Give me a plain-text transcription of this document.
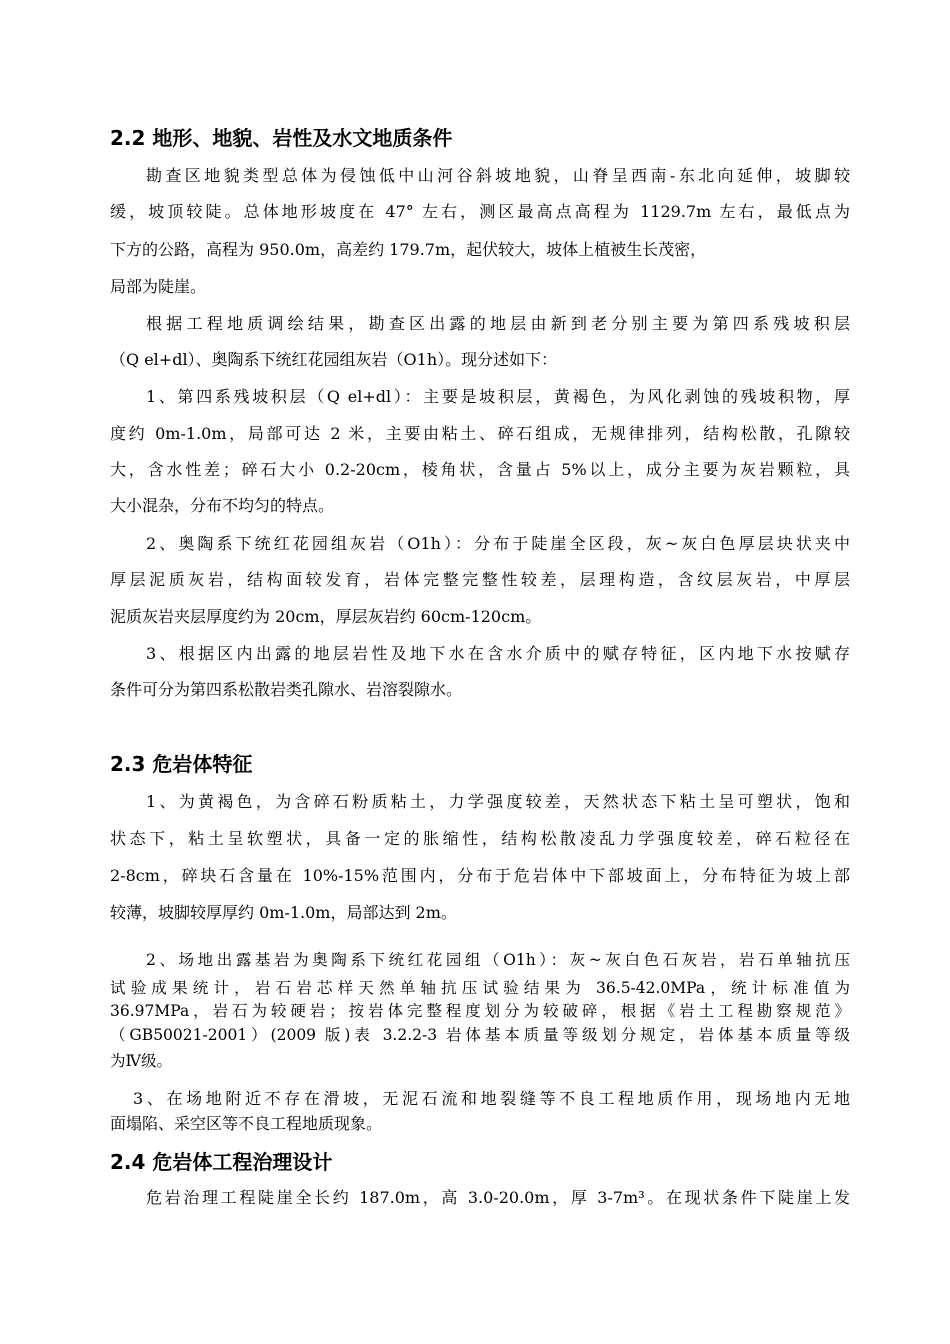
2.2 地形、地貌、岩性及水文地质条件
勘查区地貌类型总体为侵蚀低中山河谷斜坡地貌，山脊呈西南-东北向延伸，坡脚较
缓，坡顶较陡。总体地形坡度在 47° 左右，测区最高点高程为 1129.7m 左右，最低点为
下方的公路，高程为 950.0m，高差约 179.7m，起伏较大，坡体上植被生长茂密，
局部为陡崖。
根据工程地质调绘结果，勘查区出露的地层由新到老分别主要为第四系残坡积层
（Q el+dl）、奥陶系下统红花园组灰岩（O1h）。现分述如下：
1、第四系残坡积层（Q el+dl）：主要是坡积层，黄褐色，为风化剥蚀的残坡积物，厚
度约 0m-1.0m，局部可达 2 米，主要由粘土、碎石组成，无规律排列，结构松散，孔隙较
大，含水性差；碎石大小 0.2-20cm，棱角状，含量占 5%以上，成分主要为灰岩颗粒，具
大小混杂，分布不均匀的特点。
2、奥陶系下统红花园组灰岩（O1h）：分布于陡崖全区段，灰~灰白色厚层块状夹中
厚层泥质灰岩，结构面较发育，岩体完整完整性较差，层理构造，含纹层灰岩，中厚层
泥质灰岩夹层厚度约为 20cm，厚层灰岩约 60cm-120cm。
3、根据区内出露的地层岩性及地下水在含水介质中的赋存特征，区内地下水按赋存
条件可分为第四系松散岩类孔隙水、岩溶裂隙水。
2.3 危岩体特征
1、为黄褐色，为含碎石粉质粘土，力学强度较差，天然状态下粘土呈可塑状，饱和
状态下，粘土呈软塑状，具备一定的胀缩性，结构松散凌乱力学强度较差，碎石粒径在
2-8cm，碎块石含量在 10%-15%范围内，分布于危岩体中下部坡面上，分布特征为坡上部
较薄，坡脚较厚厚约 0m-1.0m，局部达到 2m。
2、场地出露基岩为奥陶系下统红花园组（O1h）：灰~灰白色石灰岩，岩石单轴抗压
试验成果统计，岩石岩芯样天然单轴抗压试验结果为 36.5-42.0MPa，统计标准值为
36.97MPa，岩石为较硬岩；按岩体完整程度划分为较破碎，根据《岩土工程勘察规范》
（GB50021-2001）(2009 版)表 3.2.2-3 岩体基本质量等级划分规定，岩体基本质量等级
为Ⅳ级。
3、在场地附近不存在滑坡，无泥石流和地裂缝等不良工程地质作用，现场地内无地
面塌陷、采空区等不良工程地质现象。
2.4 危岩体工程治理设计
危岩治理工程陡崖全长约 187.0m，高 3.0-20.0m，厚 3-7m³。在现状条件下陡崖上发
